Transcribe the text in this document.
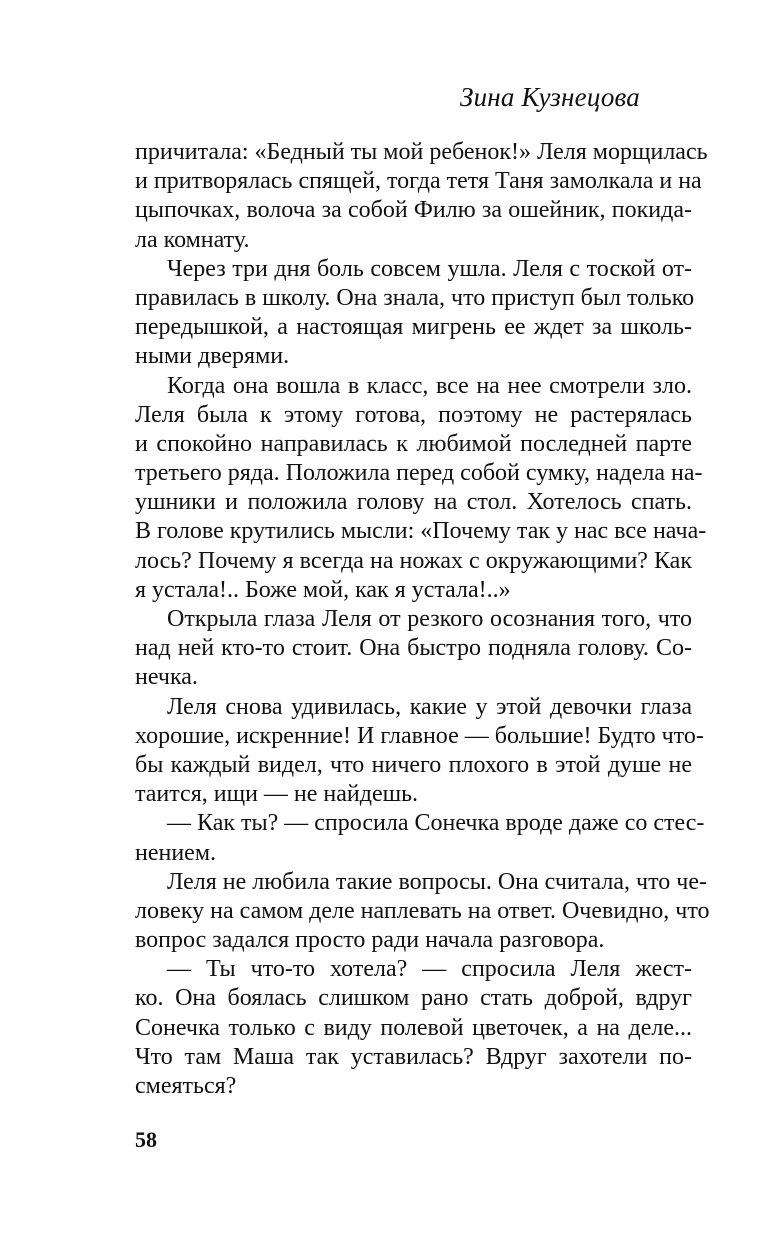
Зина Кузнецова
причитала: «Бедный ты мой ребенок!» Леля морщилась
и притворялась спящей, тогда тетя Таня замолкала и на
цыпочках, волоча за собой Филю за ошейник, покида-
ла комнату.
Через три дня боль совсем ушла. Леля с тоской от-
правилась в школу. Она знала, что приступ был только
передышкой, а настоящая мигрень ее ждет за школь-
ными дверями.
Когда она вошла в класс, все на нее смотрели зло.
Леля была к этому готова, поэтому не растерялась
и спокойно направилась к любимой последней парте
третьего ряда. Положила перед собой сумку, надела на-
ушники и положила голову на стол. Хотелось спать.
В голове крутились мысли: «Почему так у нас все нача-
лось? Почему я всегда на ножах с окружающими? Как
я устала!.. Боже мой, как я устала!..»
Открыла глаза Леля от резкого осознания того, что
над ней кто-то стоит. Она быстро подняла голову. Со-
нечка.
Леля снова удивилась, какие у этой девочки глаза
хорошие, искренние! И главное — большие! Будто что-
бы каждый видел, что ничего плохого в этой душе не
таится, ищи — не найдешь.
— Как ты? — спросила Сонечка вроде даже со стес-
нением.
Леля не любила такие вопросы. Она считала, что че-
ловеку на самом деле наплевать на ответ. Очевидно, что
вопрос задался просто ради начала разговора.
— Ты что-то хотела? — спросила Леля жест-
ко. Она боялась слишком рано стать доброй, вдруг
Сонечка только с виду полевой цветочек, а на деле...
Что там Маша так уставилась? Вдруг захотели по-
смеяться?
58
